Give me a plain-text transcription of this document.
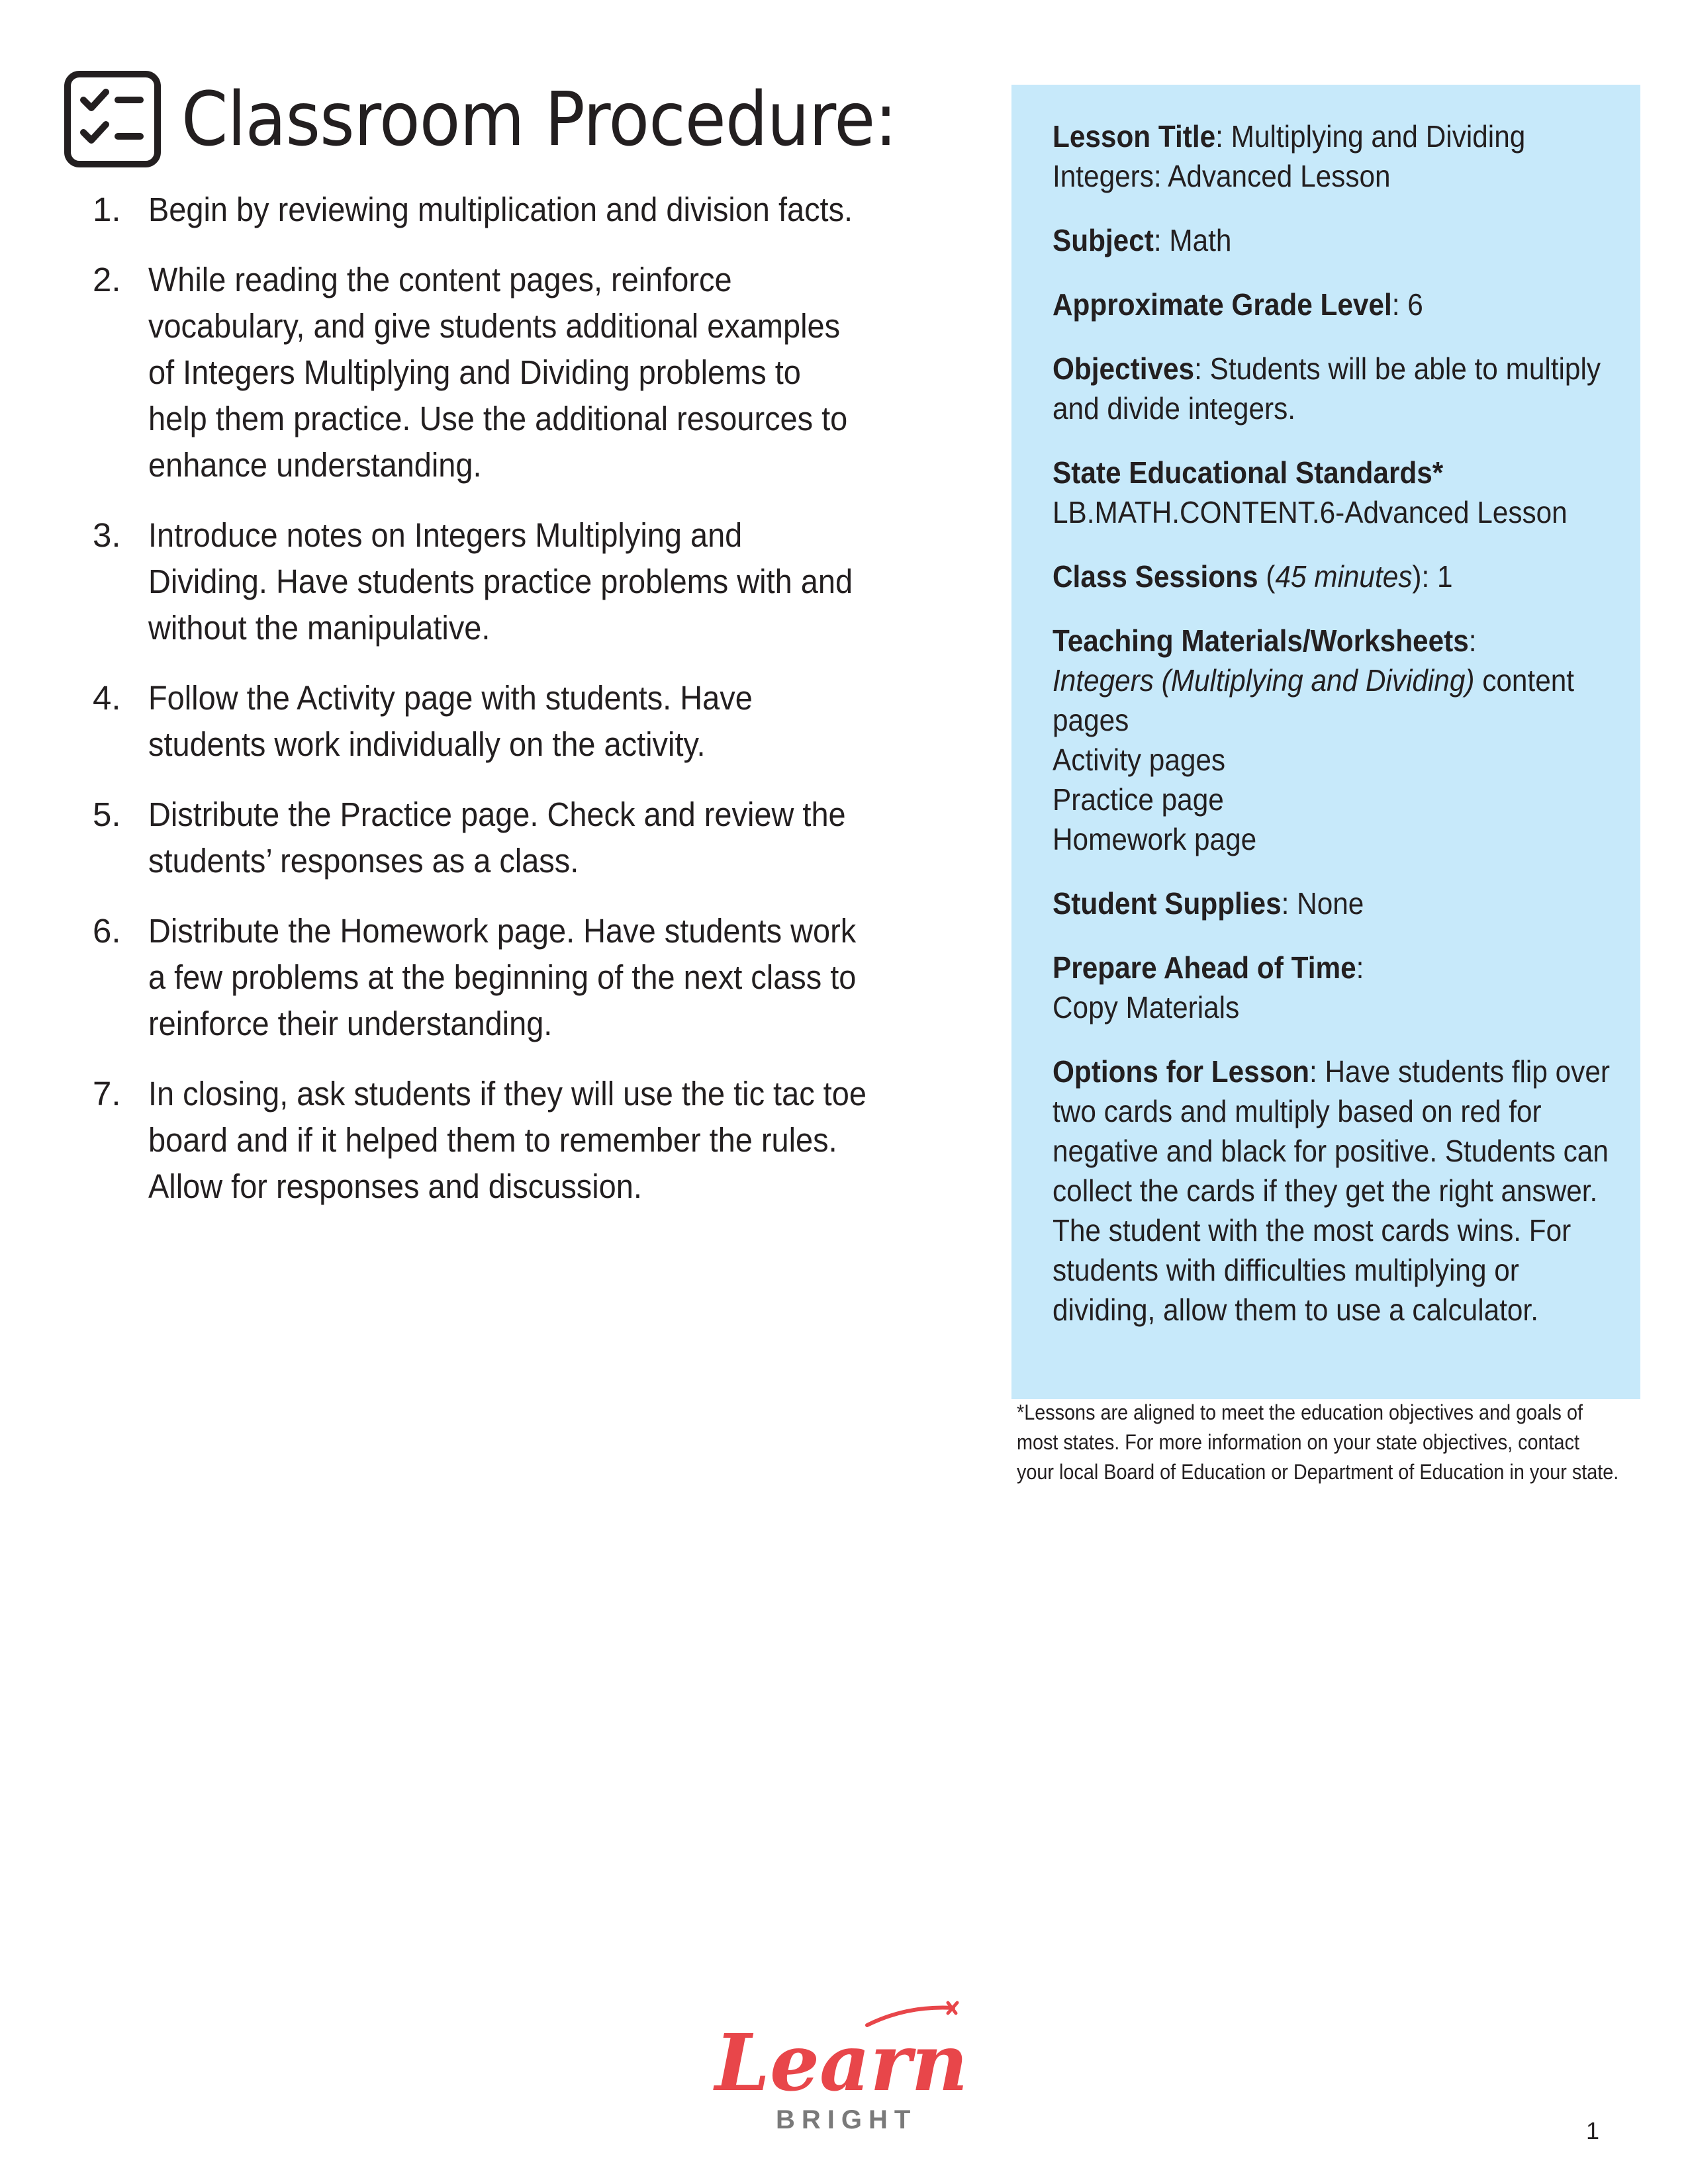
Classroom Procedure:
1. Begin by reviewing multiplication and division facts.
2. While reading the content pages, reinforce vocabulary, and give students additional examples of Integers Multiplying and Dividing problems to help them practice. Use the additional resources to enhance understanding.
3. Introduce notes on Integers Multiplying and Dividing. Have students practice problems with and without the manipulative.
4. Follow the Activity page with students. Have students work individually on the activity.
5. Distribute the Practice page. Check and review the students’ responses as a class.
6. Distribute the Homework page. Have students work a few problems at the beginning of the next class to reinforce their understanding.
7. In closing, ask students if they will use the tic tac toe board and if it helped them to remember the rules. Allow for responses and discussion.
Lesson Title: Multiplying and Dividing Integers: Advanced Lesson
Subject: Math
Approximate Grade Level: 6
Objectives: Students will be able to multiply and divide integers.
State Educational Standards*
LB.MATH.CONTENT.6-Advanced Lesson
Class Sessions (45 minutes): 1
Teaching Materials/Worksheets:
Integers (Multiplying and Dividing) content pages
Activity pages
Practice page
Homework page
Student Supplies: None
Prepare Ahead of Time:
Copy Materials
Options for Lesson: Have students flip over two cards and multiply based on red for negative and black for positive. Students can collect the cards if they get the right answer. The student with the most cards wins. For students with difficulties multiplying or dividing, allow them to use a calculator.
*Lessons are aligned to meet the education objectives and goals of
most states. For more information on your state objectives, contact
your local Board of Education or Department of Education in your state.
Learn
BRIGHT	1
